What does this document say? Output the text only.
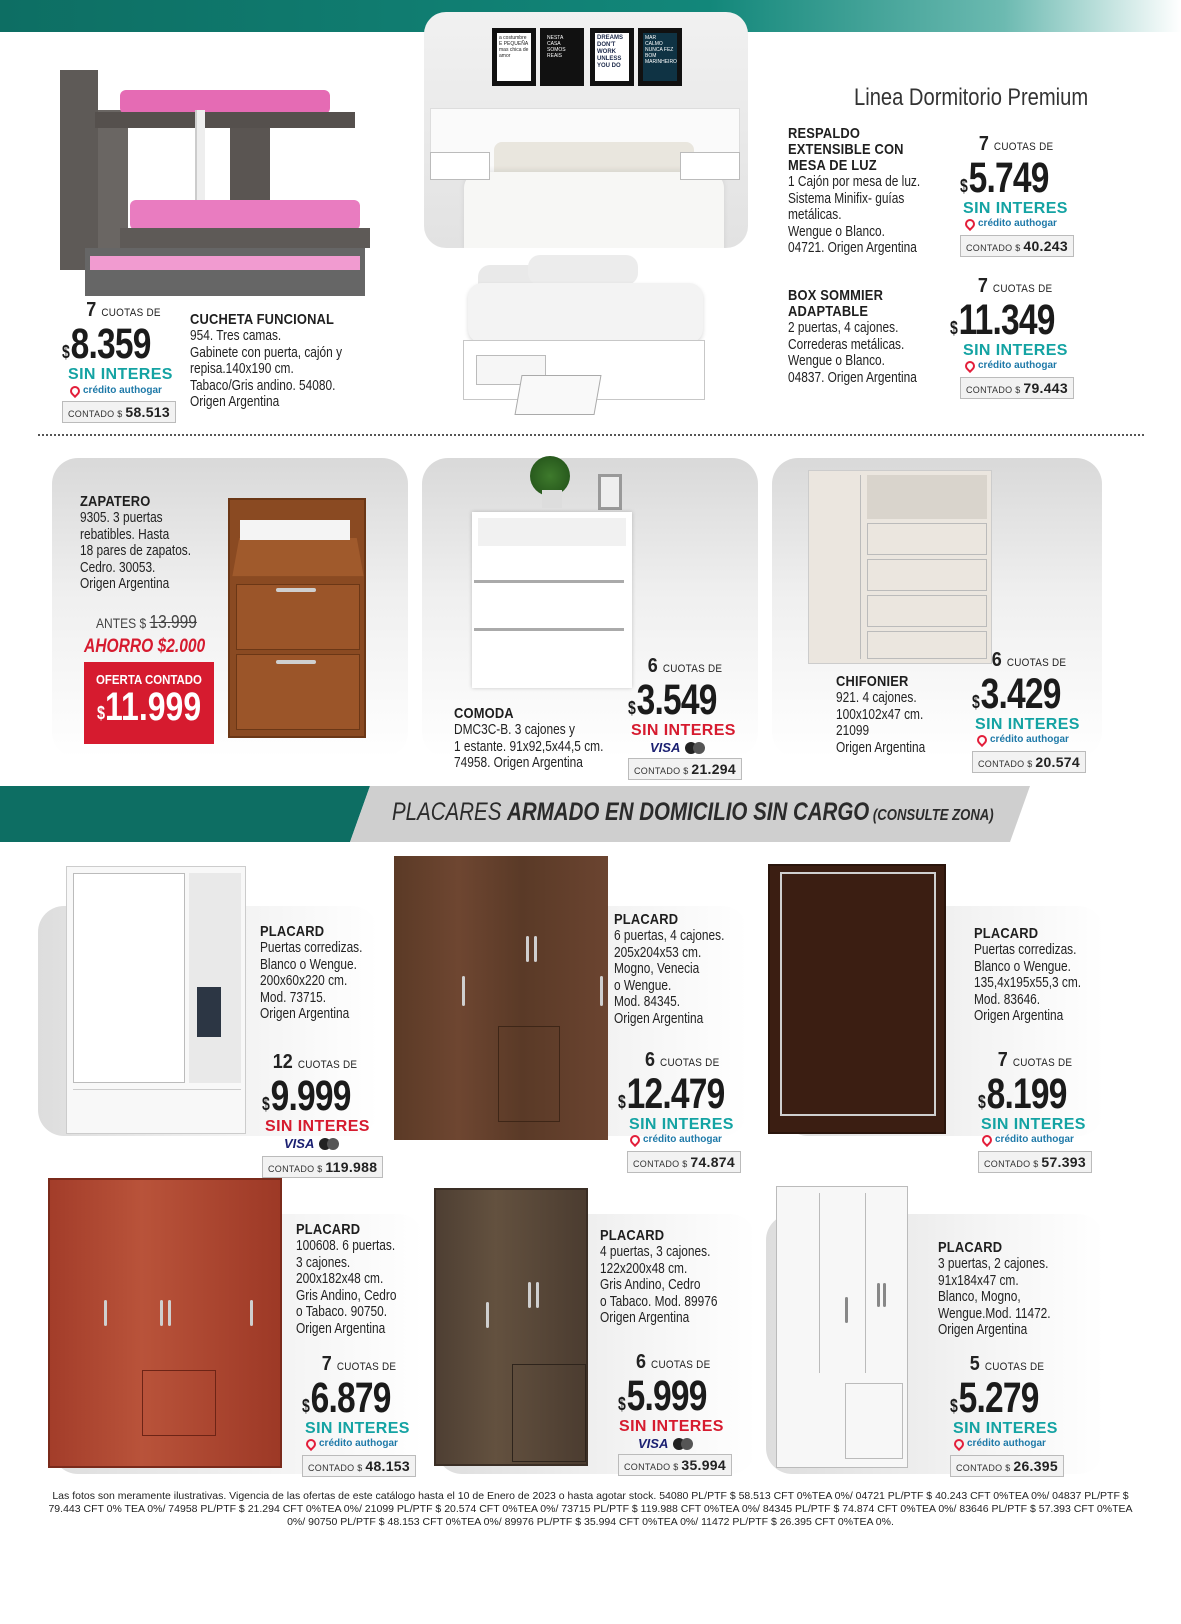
7 CUOTAS DE
$8.359
SIN INTERES
crédito authogar
CONTADO $ 58.513
CUCHETA FUNCIONAL
954. Tres camas.
Gabinete con puerta, cajón y
repisa.140x190 cm.
Tabaco/Gris andino. 54080.
Origen Argentina
a costumbre E PEQUEÑA mas chica de amor
NESTA CASA SOMOS REAIS
DREAMS DON'T WORK UNLESS YOU DO
MAR CALMO NUNCA FEZ BOM MARINHEIRO
Linea Dormitorio Premium
RESPALDO
EXTENSIBLE CON
MESA DE LUZ
1 Cajón por mesa de luz.
Sistema Minifix- guías
metálicas.
Wengue o Blanco.
04721. Origen Argentina
7 CUOTAS DE
$5.749
SIN INTERES
crédito authogar
CONTADO $ 40.243
BOX SOMMIER
ADAPTABLE
2 puertas, 4 cajones.
Correderas metálicas.
Wengue o Blanco.
04837. Origen Argentina
7 CUOTAS DE
$11.349
SIN INTERES
crédito authogar
CONTADO $ 79.443
ZAPATERO
9305. 3 puertas
rebatibles. Hasta
18 pares de zapatos.
Cedro. 30053.
Origen Argentina
ANTES $ 13.999
AHORRO $2.000
OFERTA CONTADO
$11.999	COMODA
DMC3C-B. 3 cajones y
1 estante. 91x92,5x44,5 cm.
74958. Origen Argentina
6 CUOTAS DE
$3.549
SIN INTERES
VISA
CONTADO $ 21.294
CHIFONIER
921. 4 cajones.
100x102x47 cm.
21099
Origen Argentina
6 CUOTAS DE
$3.429
SIN INTERES
crédito authogar
CONTADO $ 20.574
PLACARES ARMADO EN DOMICILIO SIN CARGO (CONSULTE ZONA)
PLACARD
Puertas corredizas.
Blanco o Wengue.
200x60x220 cm.
Mod. 73715.
Origen Argentina
12 CUOTAS DE
$9.999
SIN INTERES
VISA
CONTADO $ 119.988
PLACARD
6 puertas, 4 cajones.
205x204x53 cm.
Mogno, Venecia
o Wengue.
Mod. 84345.
Origen Argentina
6 CUOTAS DE
$12.479
SIN INTERES
crédito authogar
CONTADO $ 74.874
PLACARD
Puertas corredizas.
Blanco o Wengue.
135,4x195x55,3 cm.
Mod. 83646.
Origen Argentina
7 CUOTAS DE
$8.199
SIN INTERES
crédito authogar
CONTADO $ 57.393
PLACARD
100608. 6 puertas.
3 cajones.
200x182x48 cm.
Gris Andino, Cedro
o Tabaco. 90750.
Origen Argentina
7 CUOTAS DE
$6.879
SIN INTERES
crédito authogar
CONTADO $ 48.153
PLACARD
4 puertas, 3 cajones.
122x200x48 cm.
Gris Andino, Cedro
o Tabaco. Mod. 89976
Origen Argentina
6 CUOTAS DE
$5.999
SIN INTERES
VISA
CONTADO $ 35.994
PLACARD
3 puertas, 2 cajones.
91x184x47 cm.
Blanco, Mogno,
Wengue.Mod. 11472.
Origen Argentina
5 CUOTAS DE
$5.279
SIN INTERES
crédito authogar
CONTADO $ 26.395
Las fotos son meramente ilustrativas. Vigencia de las ofertas de este catálogo hasta el 10 de Enero de 2023 o hasta agotar stock. 54080 PL/PTF $ 58.513 CFT 0%TEA 0%/ 04721 PL/PTF $ 40.243 CFT 0%TEA 0%/ 04837 PL/PTF $ 79.443 CFT 0% TEA 0%/ 74958 PL/PTF $ 21.294 CFT 0%TEA 0%/ 21099 PL/PTF $ 20.574 CFT 0%TEA 0%/ 73715 PL/PTF $ 119.988 CFT 0%TEA 0%/ 84345 PL/PTF $ 74.874 CFT 0%TEA 0%/ 83646 PL/PTF $ 57.393 CFT 0%TEA 0%/ 90750 PL/PTF $ 48.153 CFT 0%TEA 0%/ 89976 PL/PTF $ 35.994 CFT 0%TEA 0%/ 11472 PL/PTF $ 26.395 CFT 0%TEA 0%.
